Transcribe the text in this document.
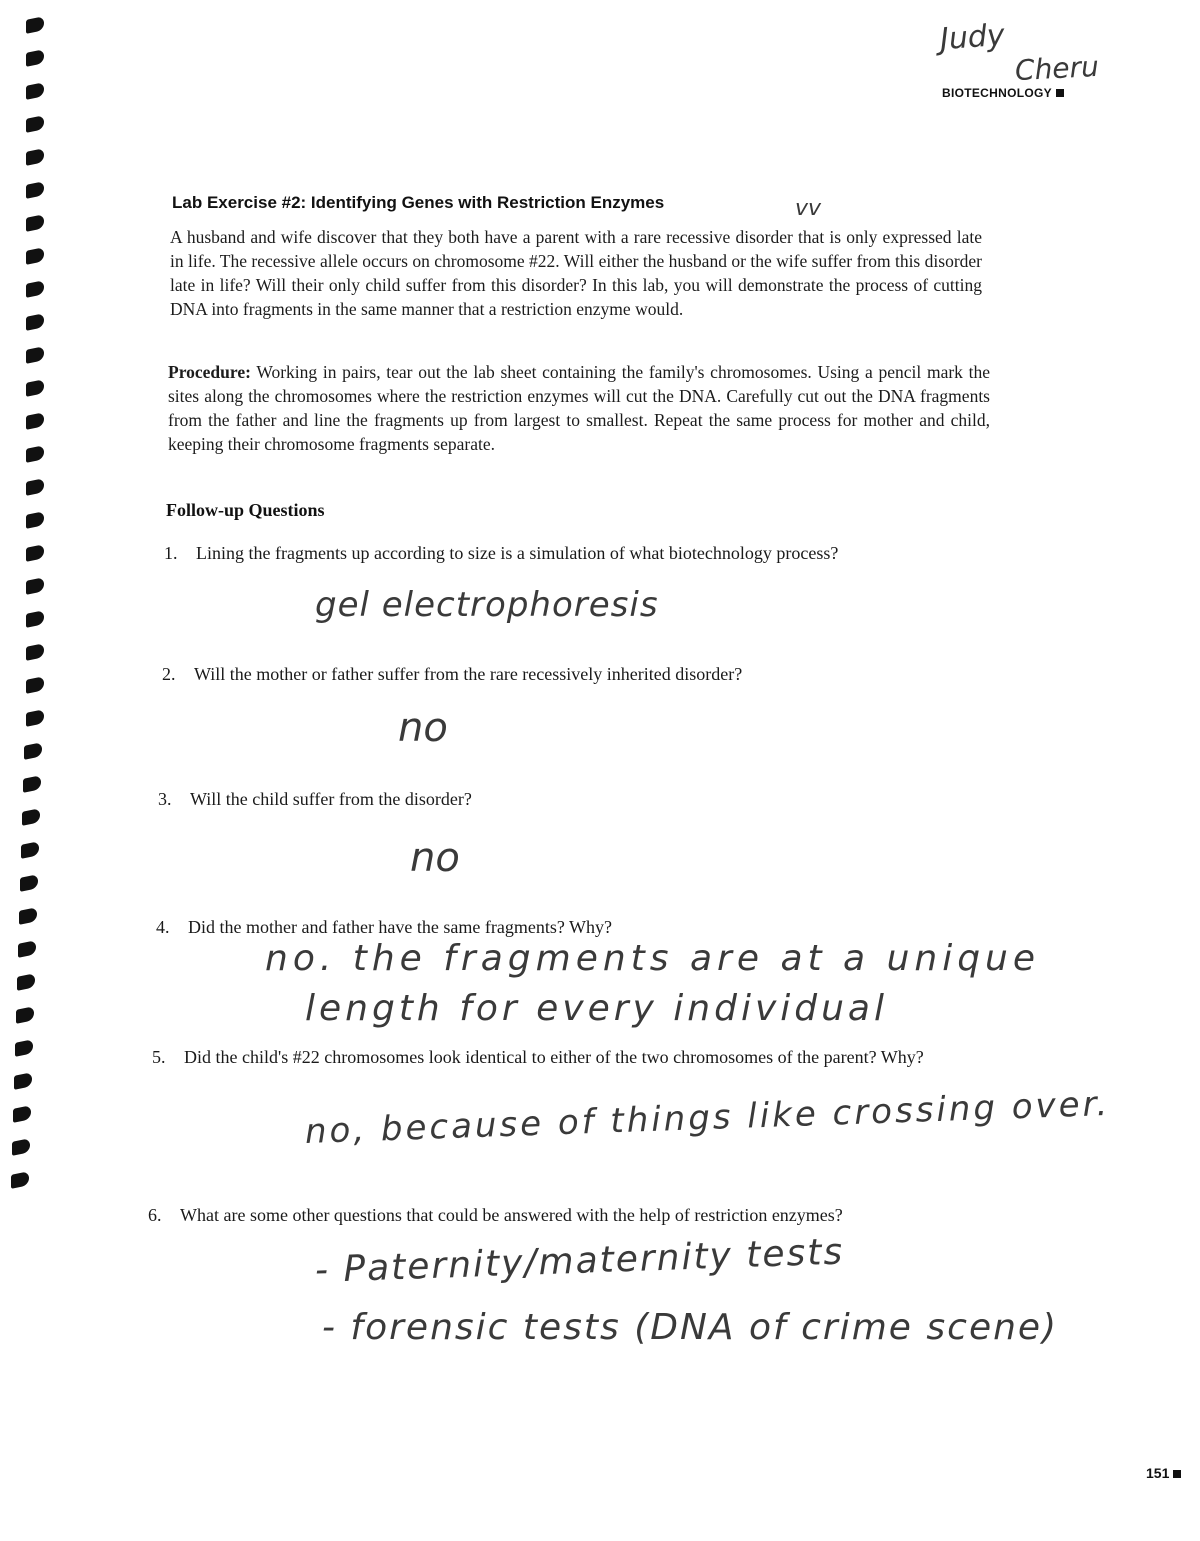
Judy
Cheru
BIOTECHNOLOGY
Lab Exercise #2: Identifying Genes with Restriction Enzymes	vv

A husband and wife discover that they both have a parent with a rare recessive disorder that is only expressed late in life. The recessive allele occurs on chromosome #22. Will either the husband or the wife suffer from this disorder late in life? Will their only child suffer from this disorder? In this lab, you will demonstrate the process of cutting DNA into fragments in the same manner that a restriction enzyme would.

Procedure: Working in pairs, tear out the lab sheet containing the family's chromosomes. Using a pencil mark the sites along the chromosomes where the restriction enzymes will cut the DNA. Carefully cut out the DNA fragments from the father and line the fragments up from largest to smallest. Repeat the same process for mother and child, keeping their chromosome fragments separate.

Follow-up Questions
1. Lining the fragments up according to size is a simulation of what biotechnology process?
gel electrophoresis
2. Will the mother or father suffer from the rare recessively inherited disorder?
no
3. Will the child suffer from the disorder?
no
4. Did the mother and father have the same fragments? Why?
no. the fragments are at a unique
length for every individual
5. Did the child's #22 chromosomes look identical to either of the two chromosomes of the parent? Why?
no, because of things like crossing over.
6. What are some other questions that could be answered with the help of restriction enzymes?
- Paternity/maternity tests
- forensic tests (DNA of crime scene)
151
